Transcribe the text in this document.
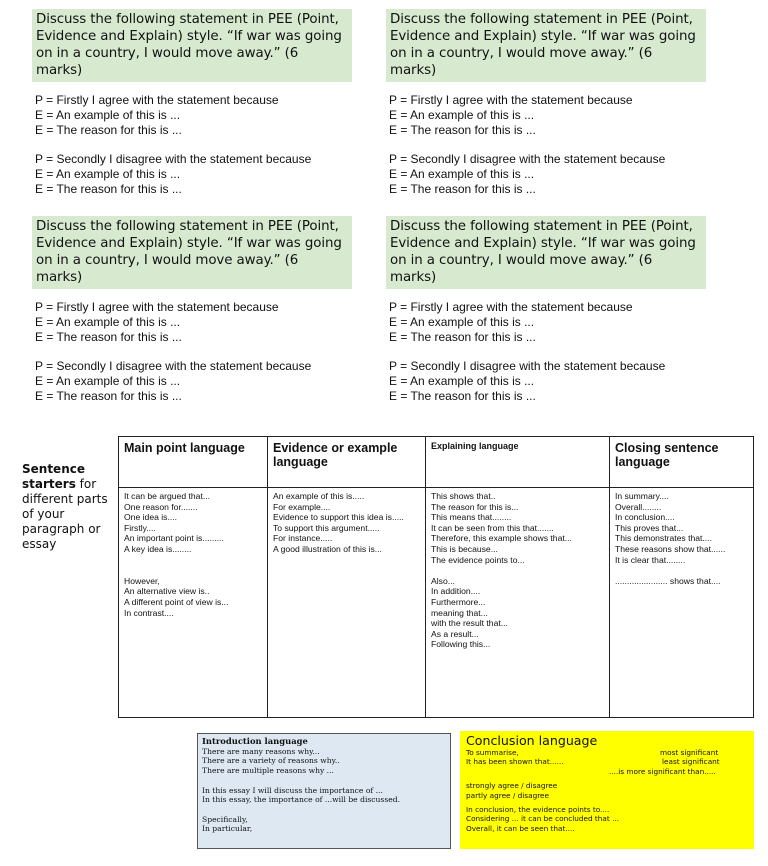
Discuss the following statement in PEE (Point, Evidence and Explain) style. “If war was going on in a country, I would move away.” (6 marks)
P = Firstly I agree with the statement because
E = An example of this is ...
E = The reason for this is ...
P = Secondly I disagree with the statement because
E = An example of this is ...
E = The reason for this is ...
Discuss the following statement in PEE (Point, Evidence and Explain) style. “If war was going on in a country, I would move away.” (6 marks)
P = Firstly I agree with the statement because
E = An example of this is ...
E = The reason for this is ...
P = Secondly I disagree with the statement because
E = An example of this is ...
E = The reason for this is ...
Discuss the following statement in PEE (Point, Evidence and Explain) style. “If war was going on in a country, I would move away.” (6 marks)
P = Firstly I agree with the statement because
E = An example of this is ...
E = The reason for this is ...
P = Secondly I disagree with the statement because
E = An example of this is ...
E = The reason for this is ...
Discuss the following statement in PEE (Point, Evidence and Explain) style. “If war was going on in a country, I would move away.” (6 marks)
P = Firstly I agree with the statement because
E = An example of this is ...
E = The reason for this is ...
P = Secondly I disagree with the statement because
E = An example of this is ...
E = The reason for this is ...
Sentence starters for different parts of your paragraph or essay
Main point language
It can be argued that...
One reason for.......
One idea is....
Firstly....
An important point is.........
A key idea is........
However,
An alternative view is..
A different point of view is...
In contrast....
Evidence or example language
An example of this is.....
For example....
Evidence to support this idea is.....
To support this argument.....
For instance.....
A good illustration of this is...
Explaining language
This shows that..
The reason for this is...
This means that........
It can be seen from this that.......
Therefore, this example shows that...
This is because...
The evidence points to...
Also...
In addition....
Furthermore...
meaning that...
with the result that...
As a result...
Following this...
Closing sentence language
In summary....
Overall........
In conclusion....
This proves that...
This demonstrates that....
These reasons show that......
It is clear that........
...................... shows that....
Introduction language
There are many reasons why...
There are a variety of reasons why..
There are multiple reasons why ...
In this essay I will discuss the importance of ...
In this essay, the importance of ...will be discussed.
Specifically,
In particular,
Conclusion language
To summarise,	most significant
It has been shown that......	least significant
....is more significant than.....
strongly agree / disagree
partly agree / disagree
In conclusion, the evidence points to....
Considering ... it can be concluded that ...
Overall, it can be seen that....
